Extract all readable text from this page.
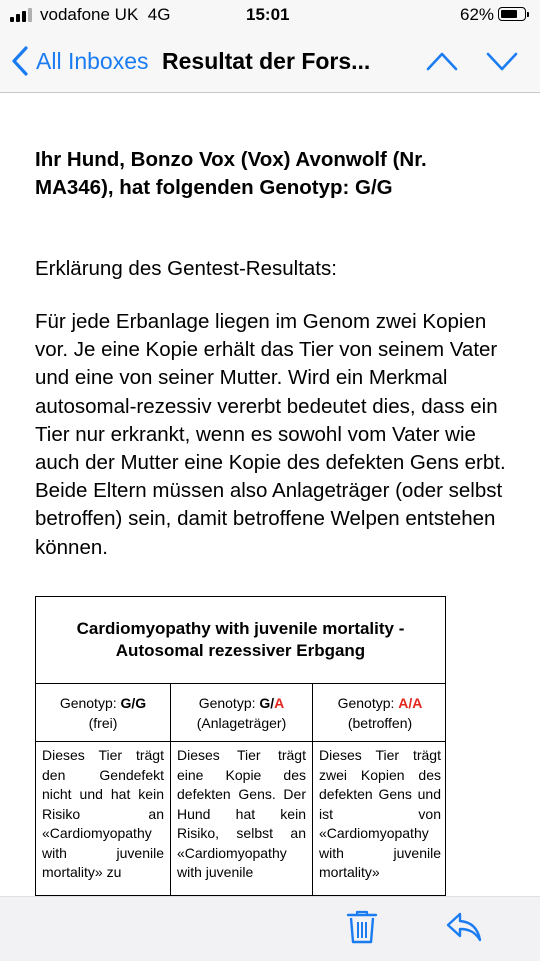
vodafone UK 4G	15:01	62%
All Inboxes Resultat der Fors...
Ihr Hund, Bonzo Vox (Vox) Avonwolf (Nr. MA346), hat folgenden Genotyp: G/G
Erklärung des Gentest-Resultats:
Für jede Erbanlage liegen im Genom zwei Kopien vor. Je eine Kopie erhält das Tier von seinem Vater und eine von seiner Mutter. Wird ein Merkmal autosomal-rezessiv vererbt bedeutet dies, dass ein Tier nur erkrankt, wenn es sowohl vom Vater wie auch der Mutter eine Kopie des defekten Gens erbt. Beide Eltern müssen also Anlageträger (oder selbst betroffen) sein, damit betroffene Welpen entstehen können.
Cardiomyopathy with juvenile mortality -
Autosomal rezessiver Erbgang
Genotyp: G/G
(frei)
Dieses Tier trägt den Gendefekt nicht und hat kein Risiko an «Cardiomyopathy with juvenile mortality» zu
Genotyp: G/A
(Anlageträger)
Dieses Tier trägt eine Kopie des defekten Gens. Der Hund hat kein Risiko, selbst an «Cardiomyopathy with juvenile
Genotyp: A/A
(betroffen)
Dieses Tier trägt zwei Kopien des defekten Gens und ist von «Cardiomyopathy with juvenile mortality»
